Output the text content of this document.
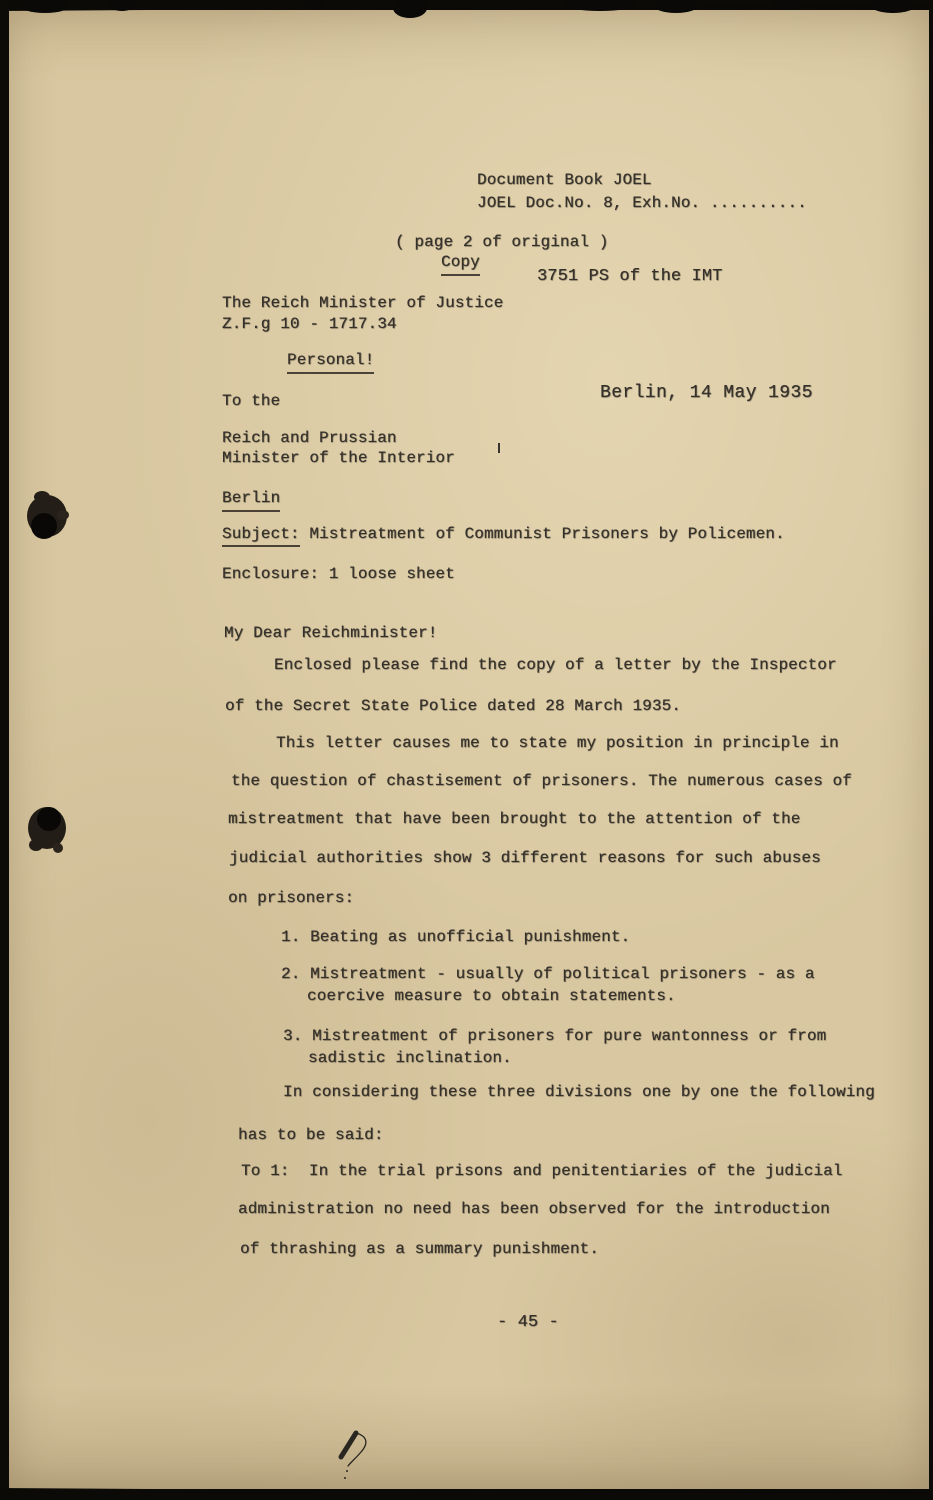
Document Book JOEL
JOEL Doc.No. 8, Exh.No. ..........
( page 2 of original )
Copy
3751 PS of the IMT
The Reich Minister of Justice
Z.F.g 10 - 1717.34
Personal!
To the	Berlin, 14 May 1935
Reich and Prussian
Minister of the Interior
Berlin
Subject: Mistreatment of Communist Prisoners by Policemen.
Enclosure: 1 loose sheet
My Dear Reichminister!
Enclosed please find the copy of a letter by the Inspector
of the Secret State Police dated 28 March 1935.
This letter causes me to state my position in principle in
the question of chastisement of prisoners. The numerous cases of
mistreatment that have been brought to the attention of the
judicial authorities show 3 different reasons for such abuses
on prisoners:
1. Beating as unofficial punishment.
2. Mistreatment - usually of political prisoners - as a
coercive measure to obtain statements.
3. Mistreatment of prisoners for pure wantonness or from
sadistic inclination.
In considering these three divisions one by one the following
has to be said:
To 1:  In the trial prisons and penitentiaries of the judicial
administration no need has been observed for the introduction
of thrashing as a summary punishment.
- 45 -
